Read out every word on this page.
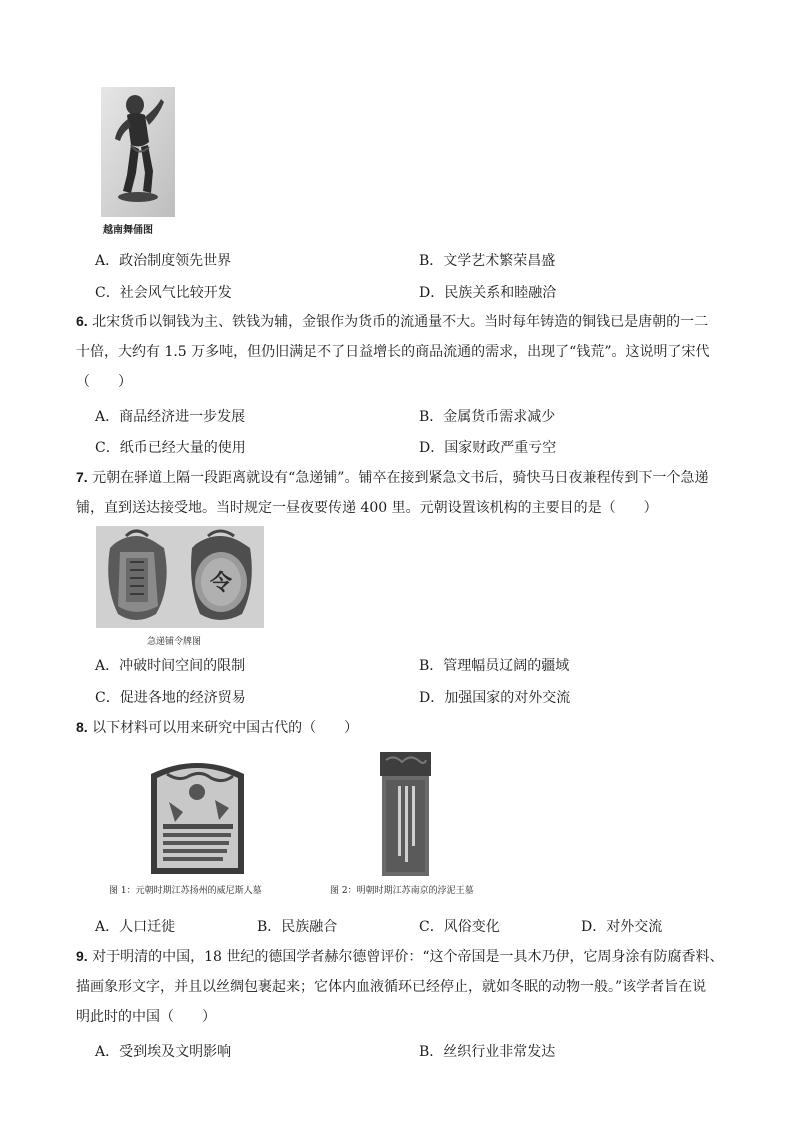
越南舞俑图
A．政治制度领先世界	B．文学艺术繁荣昌盛
C．社会风气比较开发	D．民族关系和睦融洽
6. 北宋货币以铜钱为主、铁钱为辅，金银作为货币的流通量不大。当时每年铸造的铜钱已是唐朝的一二
十倍，大约有 1.5 万多吨，但仍旧满足不了日益增长的商品流通的需求，出现了“钱荒”。这说明了宋代
（　　）
A．商品经济进一步发展	B．金属货币需求减少
C．纸币已经大量的使用	D．国家财政严重亏空
7. 元朝在驿道上隔一段距离就设有“急递铺”。铺卒在接到紧急文书后，骑快马日夜兼程传到下一个急递
铺，直到送达接受地。当时规定一昼夜要传递 400 里。元朝设置该机构的主要目的是（　　）
令
急递铺令牌图
A．冲破时间空间的限制	B．管理幅员辽阔的疆域
C．促进各地的经济贸易	D．加强国家的对外交流
8. 以下材料可以用来研究中国古代的（　　）
图 1：元朝时期江苏扬州的威尼斯人墓	图 2：明朝时期江苏南京的浡泥王墓
A．人口迁徙	B．民族融合	C．风俗变化	D．对外交流
9. 对于明清的中国，18 世纪的德国学者赫尔德曾评价：“这个帝国是一具木乃伊，它周身涂有防腐香料、
描画象形文字，并且以丝绸包裹起来；它体内血液循环已经停止，就如冬眠的动物一般。”该学者旨在说
明此时的中国（　　）
A．受到埃及文明影响	B．丝织行业非常发达
